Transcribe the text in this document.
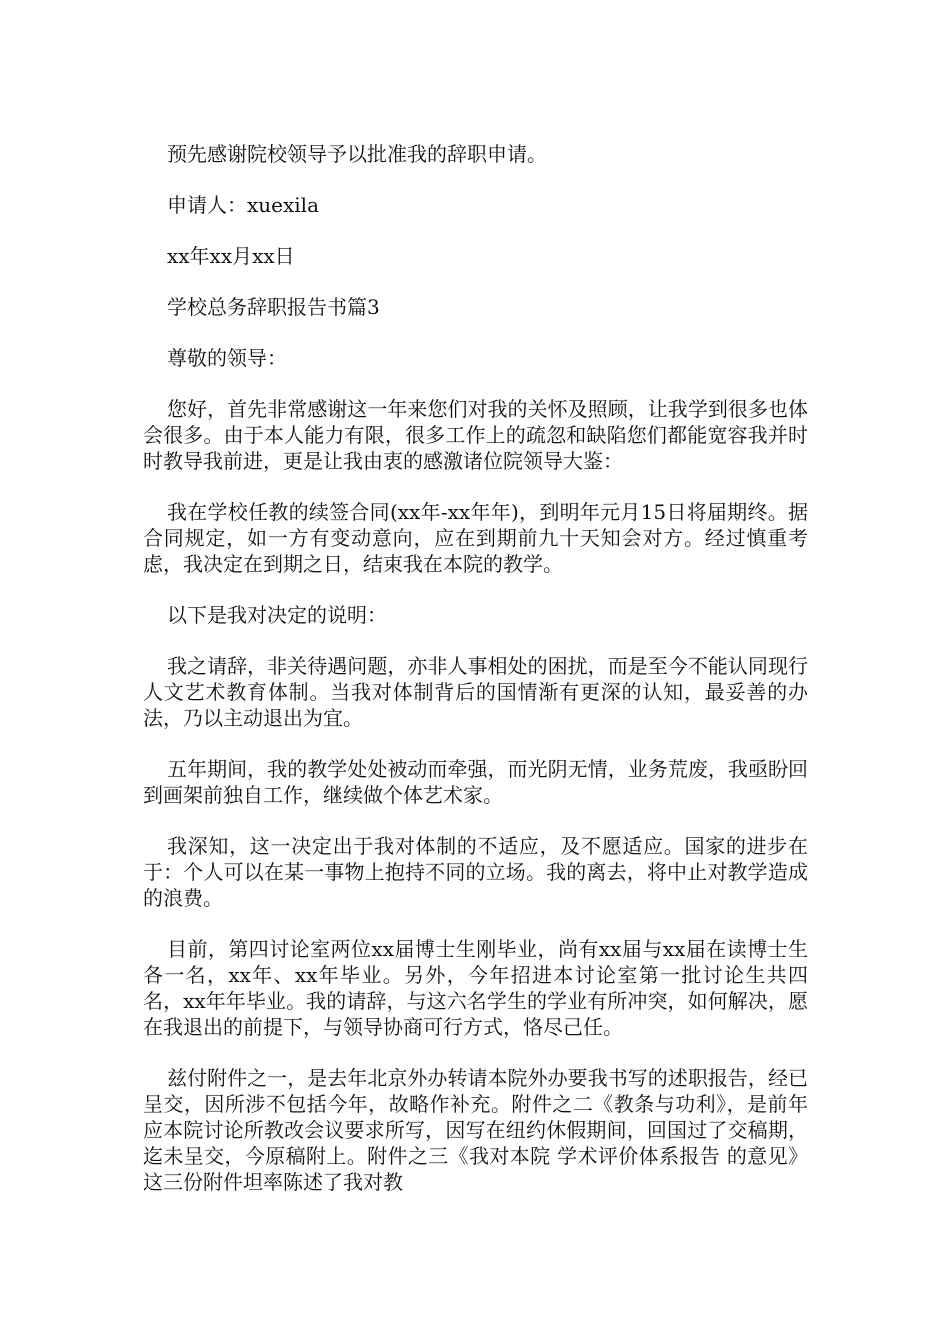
预先感谢院校领导予以批准我的辞职申请。

申请人：xuexila

xx年xx月xx日

学校总务辞职报告书篇3

尊敬的领导：

您好，首先非常感谢这一年来您们对我的关怀及照顾，让我学到很多也体会很多。由于本人能力有限，很多工作上的疏忽和缺陷您们都能宽容我并时时教导我前进，更是让我由衷的感激诸位院领导大鉴：

我在学校任教的续签合同(xx年-xx年年)，到明年元月15日将届期终。据合同规定，如一方有变动意向，应在到期前九十天知会对方。经过慎重考虑，我决定在到期之日，结束我在本院的教学。

以下是我对决定的说明：

我之请辞，非关待遇问题，亦非人事相处的困扰，而是至今不能认同现行人文艺术教育体制。当我对体制背后的国情渐有更深的认知，最妥善的办法，乃以主动退出为宜。

五年期间，我的教学处处被动而牵强，而光阴无情，业务荒废，我亟盼回到画架前独自工作，继续做个体艺术家。

我深知，这一决定出于我对体制的不适应，及不愿适应。国家的进步在于：个人可以在某一事物上抱持不同的立场。我的离去，将中止对教学造成的浪费。

目前，第四讨论室两位xx届博士生刚毕业，尚有xx届与xx届在读博士生各一名，xx年、xx年毕业。另外，今年招进本讨论室第一批讨论生共四名，xx年年毕业。我的请辞，与这六名学生的学业有所冲突，如何解决，愿在我退出的前提下，与领导协商可行方式，恪尽己任。

兹付附件之一，是去年北京外办转请本院外办要我书写的述职报告，经已呈交，因所涉不包括今年，故略作补充。附件之二《教条与功利》，是前年应本院讨论所教改会议要求所写，因写在纽约休假期间，回国过了交稿期，迄未呈交，今原稿附上。附件之三《我对本院 学术评价体系报告 的意见》 这三份附件坦率陈述了我对教
